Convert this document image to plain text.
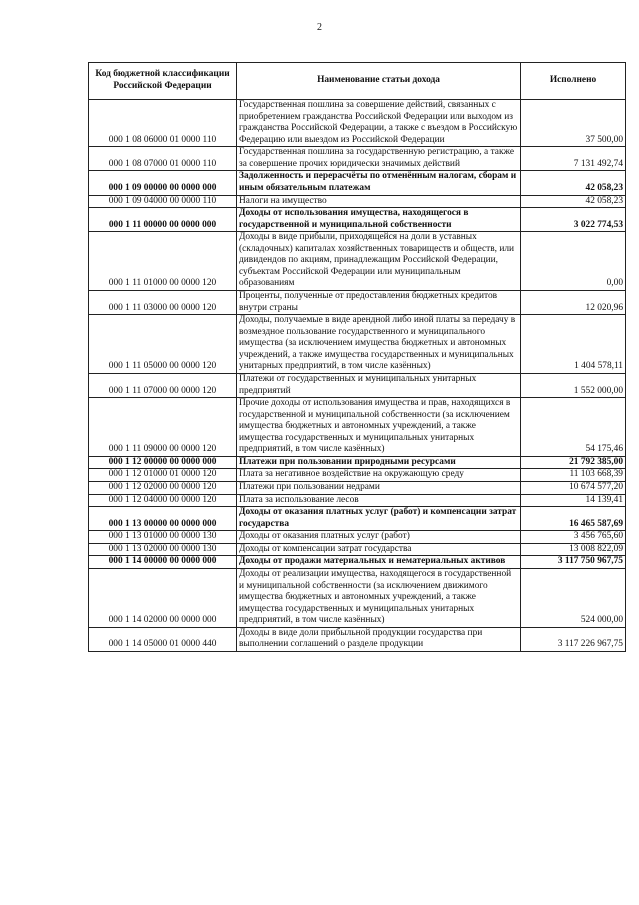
2
Код бюджетной классификации Российской Федерации	Наименование статьи дохода	Исполнено
000 1 08 06000 01 0000 110	Государственная пошлина за совершение действий, связанных с приобретением гражданства Российской Федерации или выходом из гражданства Российской Федерации, а также с въездом в Российскую Федерацию или выездом из Российской Федерации	37 500,00
000 1 08 07000 01 0000 110	Государственная пошлина за государственную регистрацию, а также за совершение прочих юридически значимых действий	7 131 492,74
000 1 09 00000 00 0000 000	Задолженность и перерасчёты по отменённым налогам, сборам и иным обязательным платежам	42 058,23
000 1 09 04000 00 0000 110	Налоги на имущество	42 058,23
000 1 11 00000 00 0000 000	Доходы от использования имущества, находящегося в государственной и муниципальной собственности	3 022 774,53
000 1 11 01000 00 0000 120	Доходы в виде прибыли, приходящейся на доли в уставных (складочных) капиталах хозяйственных товариществ и обществ, или дивидендов по акциям, принадлежащим Российской Федерации, субъектам Российской Федерации или муниципальным образованиям	0,00
000 1 11 03000 00 0000 120	Проценты, полученные от предоставления бюджетных кредитов внутри страны	12 020,96
000 1 11 05000 00 0000 120	Доходы, получаемые в виде арендной либо иной платы за передачу в возмездное пользование государственного и муниципального имущества (за исключением имущества бюджетных и автономных учреждений, а также имущества государственных и муниципальных унитарных предприятий, в том числе казённых)	1 404 578,11
000 1 11 07000 00 0000 120	Платежи от государственных и муниципальных унитарных предприятий	1 552 000,00
000 1 11 09000 00 0000 120	Прочие доходы от использования имущества и прав, находящихся в государственной и муниципальной собственности (за исключением имущества бюджетных и автономных учреждений, а также имущества государственных и муниципальных унитарных предприятий, в том числе казённых)	54 175,46
000 1 12 00000 00 0000 000	Платежи при пользовании природными ресурсами	21 792 385,00
000 1 12 01000 01 0000 120	Плата за негативное воздействие на окружающую среду	11 103 668,39
000 1 12 02000 00 0000 120	Платежи при пользовании недрами	10 674 577,20
000 1 12 04000 00 0000 120	Плата за использование лесов	14 139,41
000 1 13 00000 00 0000 000	Доходы от оказания платных услуг (работ) и компенсации затрат государства	16 465 587,69
000 1 13 01000 00 0000 130	Доходы от оказания платных услуг (работ)	3 456 765,60
000 1 13 02000 00 0000 130	Доходы от компенсации затрат государства	13 008 822,09
000 1 14 00000 00 0000 000	Доходы от продажи материальных и нематериальных активов	3 117 750 967,75
000 1 14 02000 00 0000 000	Доходы от реализации имущества, находящегося в государственной и муниципальной собственности (за исключением движимого имущества бюджетных и автономных учреждений, а также имущества государственных и муниципальных унитарных предприятий, в том числе казённых)	524 000,00
000 1 14 05000 01 0000 440	Доходы в виде доли прибыльной продукции государства при выполнении соглашений о разделе продукции	3 117 226 967,75
